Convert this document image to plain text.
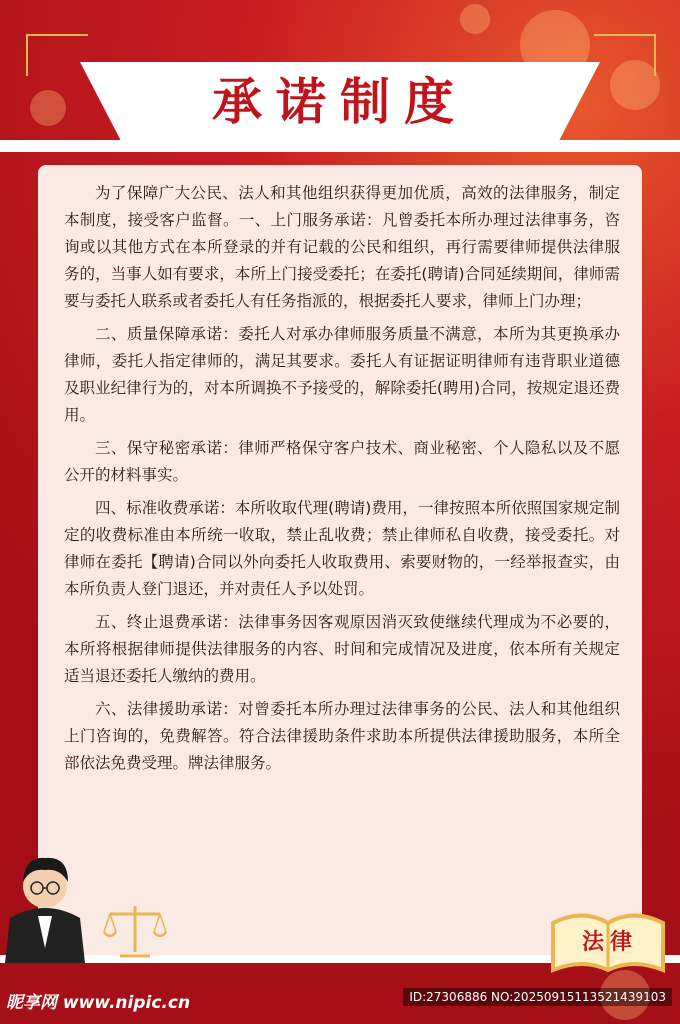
承诺制度

为了保障广大公民、法人和其他组织获得更加优质，高效的法律服务，制定本制度，接受客户监督。一、上门服务承诺：凡曾委托本所办理过法律事务，咨询或以其他方式在本所登录的并有记载的公民和组织，再行需要律师提供法律服务的，当事人如有要求，本所上门接受委托；在委托(聘请)合同延续期间，律师需要与委托人联系或者委托人有任务指派的，根据委托人要求，律师上门办理；

二、质量保障承诺：委托人对承办律师服务质量不满意，本所为其更换承办律师，委托人指定律师的，满足其要求。委托人有证据证明律师有违背职业道德及职业纪律行为的，对本所调换不予接受的，解除委托(聘用)合同，按规定退还费用。

三、保守秘密承诺：律师严格保守客户技术、商业秘密、个人隐私以及不愿公开的材料事实。

四、标准收费承诺：本所收取代理(聘请)费用，一律按照本所依照国家规定制定的收费标准由本所统一收取，禁止乱收费；禁止律师私自收费，接受委托。对律师在委托【聘请)合同以外向委托人收取费用、索要财物的，一经举报查实，由本所负责人登门退还，并对责任人予以处罚。

五、终止退费承诺：法律事务因客观原因消灭致使继续代理成为不必要的，本所将根据律师提供法律服务的内容、时间和完成情况及进度，依本所有关规定适当退还委托人缴纳的费用。

六、法律援助承诺：对曾委托本所办理过法律事务的公民、法人和其他组织上门咨询的，免费解答。符合法律援助条件求助本所提供法律援助服务，本所全部依法免费受理。牌法律服务。

法律
昵享网 www.nipic.cn	ID:27306886 NO:20250915113521439103
